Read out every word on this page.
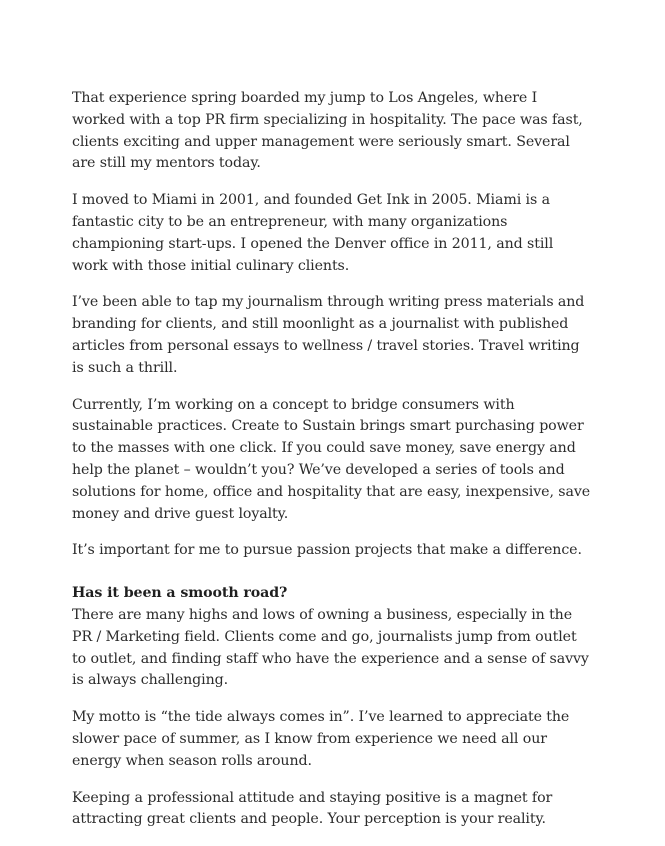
That experience spring boarded my jump to Los Angeles, where I worked with a top PR firm specializing in hospitality. The pace was fast, clients exciting and upper management were seriously smart. Several are still my mentors today.

I moved to Miami in 2001, and founded Get Ink in 2005. Miami is a fantastic city to be an entrepreneur, with many organizations championing start-ups. I opened the Denver office in 2011, and still work with those initial culinary clients.

I’ve been able to tap my journalism through writing press materials and branding for clients, and still moonlight as a journalist with published articles from personal essays to wellness / travel stories. Travel writing is such a thrill.

Currently, I’m working on a concept to bridge consumers with sustainable practices. Create to Sustain brings smart purchasing power to the masses with one click. If you could save money, save energy and help the planet – wouldn’t you? We’ve developed a series of tools and solutions for home, office and hospitality that are easy, inexpensive, save money and drive guest loyalty.

It’s important for me to pursue passion projects that make a difference.

Has it been a smooth road?

There are many highs and lows of owning a business, especially in the PR / Marketing field. Clients come and go, journalists jump from outlet to outlet, and finding staff who have the experience and a sense of savvy is always challenging.

My motto is “the tide always comes in”. I’ve learned to appreciate the slower pace of summer, as I know from experience we need all our energy when season rolls around.

Keeping a professional attitude and staying positive is a magnet for attracting great clients and people. Your perception is your reality.
